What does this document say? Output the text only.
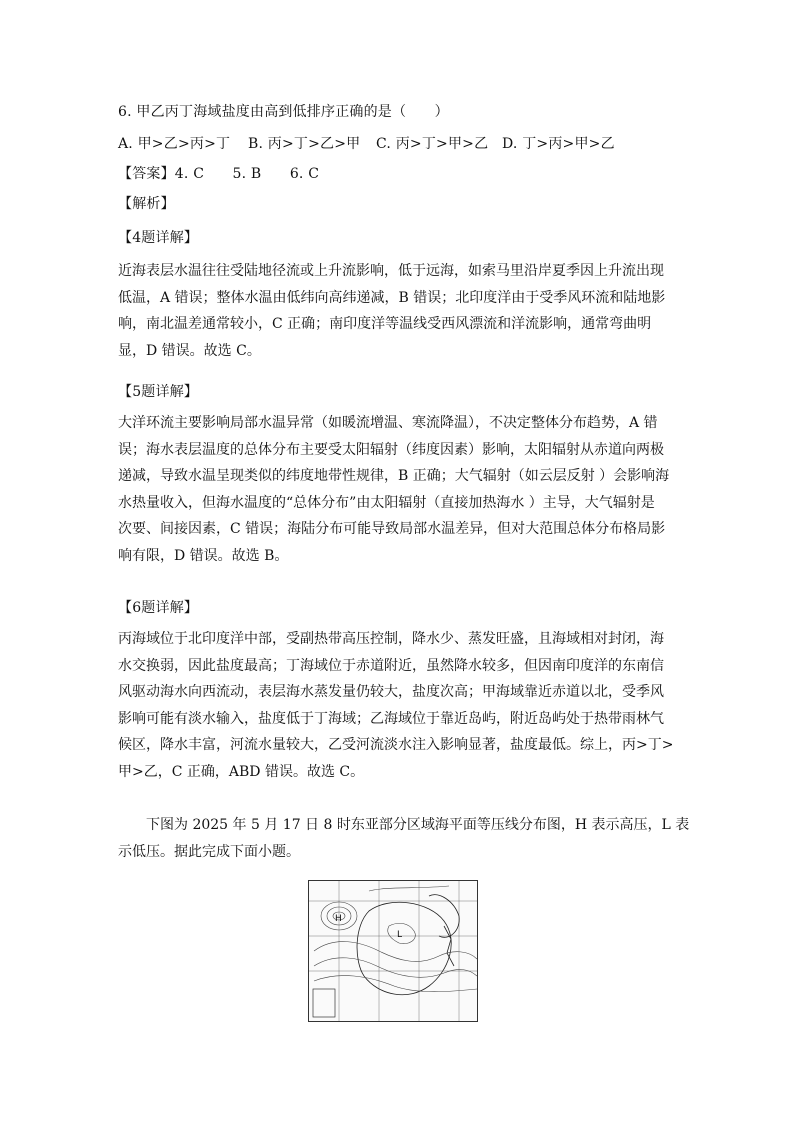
6. 甲乙丙丁海域盐度由高到低排序正确的是（　　）
A. 甲>乙>丙>丁 B. 丙>丁>乙>甲 C. 丙>丁>甲>乙 D. 丁>丙>甲>乙
【答案】4. C　　5. B　　6. C
【解析】
【4题详解】
近海表层水温往往受陆地径流或上升流影响，低于远海，如索马里沿岸夏季因上升流出现
低温，A 错误；整体水温由低纬向高纬递减，B 错误；北印度洋由于受季风环流和陆地影
响，南北温差通常较小，C 正确；南印度洋等温线受西风漂流和洋流影响，通常弯曲明
显，D 错误。故选 C。
【5题详解】
大洋环流主要影响局部水温异常（如暖流增温、寒流降温），不决定整体分布趋势，A 错
误；海水表层温度的总体分布主要受太阳辐射（纬度因素）影响，太阳辐射从赤道向两极
递减，导致水温呈现类似的纬度地带性规律，B 正确；大气辐射（如云层反射 ）会影响海
水热量收入，但海水温度的“总体分布”由太阳辐射（直接加热海水 ）主导，大气辐射是
次要、间接因素，C 错误；海陆分布可能导致局部水温差异，但对大范围总体分布格局影
响有限，D 错误。故选 B。
【6题详解】
丙海域位于北印度洋中部，受副热带高压控制，降水少、蒸发旺盛，且海域相对封闭，海
水交换弱，因此盐度最高；丁海域位于赤道附近，虽然降水较多，但因南印度洋的东南信
风驱动海水向西流动，表层海水蒸发量仍较大，盐度次高；甲海域靠近赤道以北，受季风
影响可能有淡水输入，盐度低于丁海域；乙海域位于靠近岛屿，附近岛屿处于热带雨林气
候区，降水丰富，河流水量较大，乙受河流淡水注入影响显著，盐度最低。综上，丙>丁>
甲>乙，C 正确，ABD 错误。故选 C。
　　下图为 2025 年 5 月 17 日 8 时东亚部分区域海平面等压线分布图，H 表示高压，L 表
示低压。据此完成下面小题。
H
L
